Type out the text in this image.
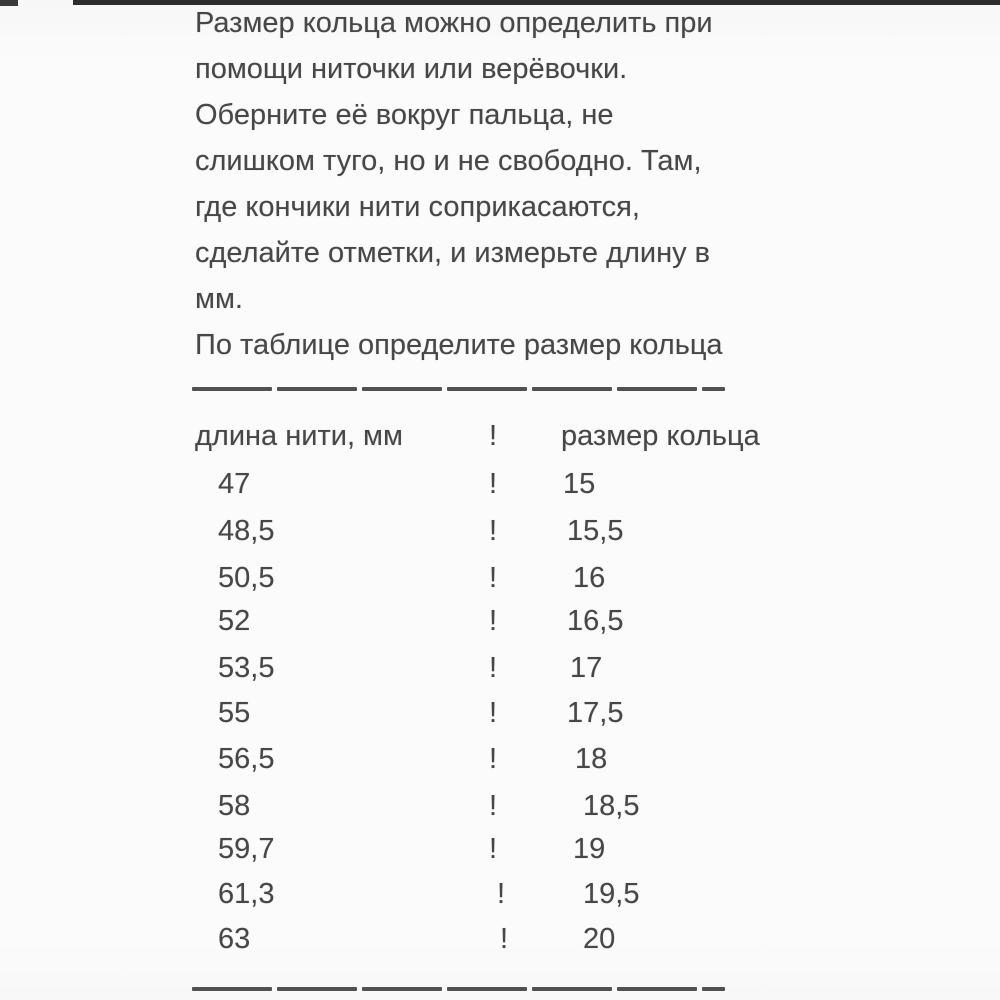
Размер кольца можно определить при
помощи ниточки или верёвочки.
Оберните её вокруг пальца, не
слишком туго, но и не свободно. Там,
где кончики нити соприкасаются,
сделайте отметки, и измерьте длину в
мм.
По таблице определите размер кольца
длина нити, мм	! размер кольца
47	! 15
48,5	! 15,5
50,5	!	16
52	! 16,5
53,5	!	17
55	! 17,5
56,5	!	18
58	!	18,5
59,7	!	19
61,3	!	19,5
63	!	20
